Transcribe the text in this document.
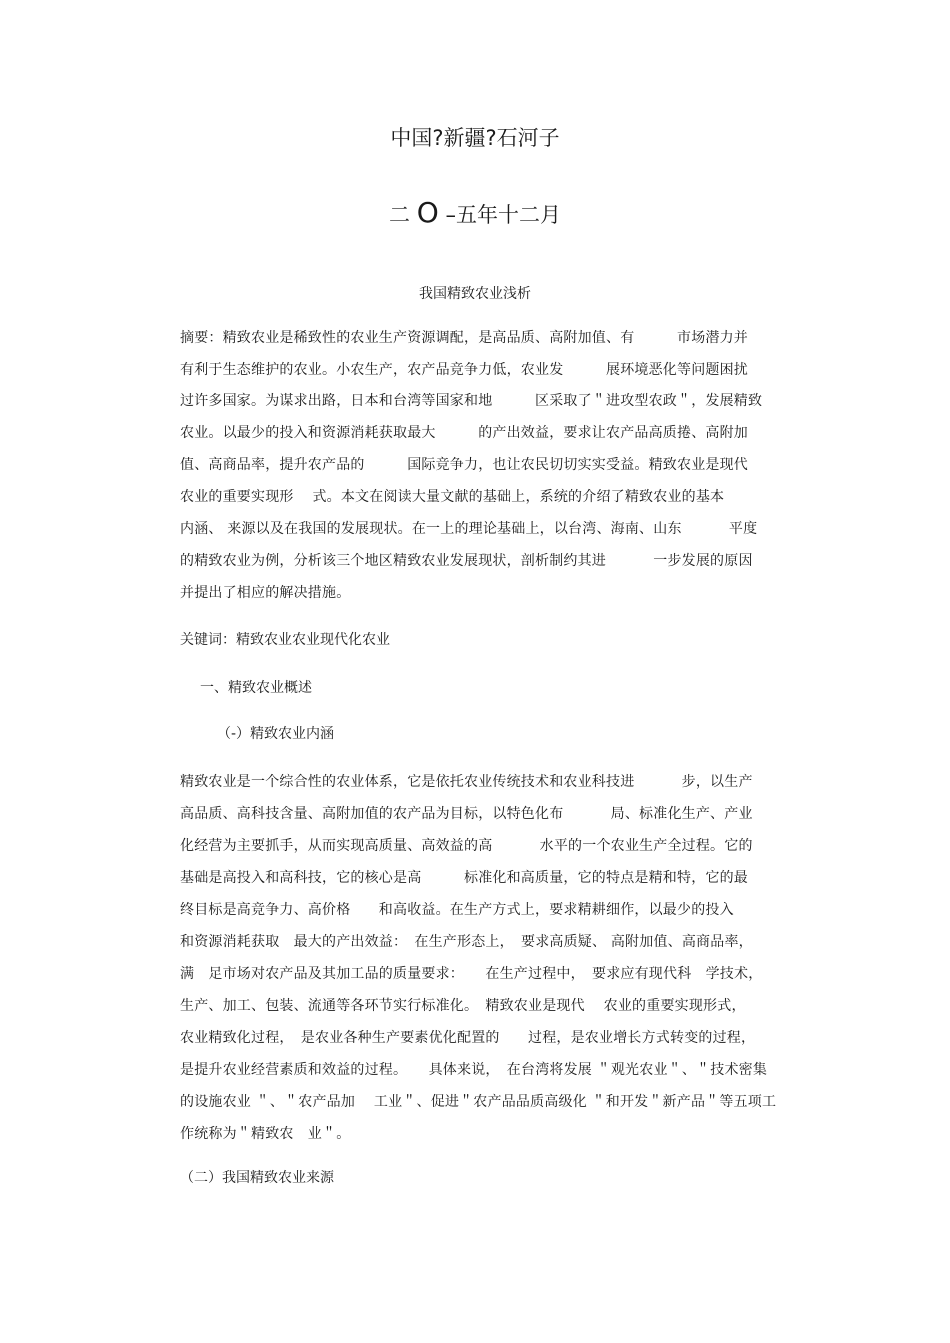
中国?新疆?石河子
二 O –五年十二月
我国精致农业浅析
摘要：精致农业是稀致性的农业生产资源调配，是高品质、高附加值、有　　　市场潜力并
有利于生态维护的农业。小农生产，农产品竞争力低，农业发　　　展环境恶化等问题困扰
过许多国家。为谋求出路，日本和台湾等国家和地　　　区采取了＂进攻型农政＂，发展精致
农业。以最少的投入和资源消耗获取最大　　　的产出效益，要求让农产品高质捲、高附加
值、高商品率，提升农产品的　　　国际竞争力，也让农民切切实实受益。精致农业是现代
农业的重要实现形　 式。本文在阅读大量文献的基础上，系统的介绍了精致农业的基本
内涵、 来源以及在我国的发展现状。在一上的理论基础上，以台湾、海南、山东　　　 平度
的精致农业为例，分析该三个地区精致农业发展现状，剖析制约其进　　　 一步发展的原因
并提出了相应的解决措施。
关键词：精致农业农业现代化农业
一、精致农业概述
（-）精致农业内涵
精致农业是一个综合性的农业体系，它是依托农业传统技术和农业科技进　　　 步，以生产
高品质、高科技含量、高附加值的农产品为目标，以特色化布　　　 局、标准化生产、产业
化经营为主要抓手，从而实现高质量、高效益的高　　　 水平的一个农业生产全过程。它的
基础是高投入和高科技，它的核心是高　　　标准化和高质量，它的特点是精和特，它的最
终目标是高竞争力、高价格　　和高收益。在生产方式上，要求精耕细作，以最少的投入
和资源消耗获取　最大的产出效益：　在生产形态上，　要求高质疑、 高附加值、高商品率，
满　足市场对农产品及其加工品的质量要求：　　在生产过程中，　要求应有现代科　学技术，
生产、加工、包装、流通等各环节实行标准化。　精致农业是现代　 农业的重要实现形式，
农业精致化过程，　是农业各种生产要素优化配置的　　过程，是农业增长方式转变的过程，
是提升农业经营素质和效益的过程。　　具体来说，　在台湾将发展 ＂观光农业＂、＂技术密集
的设施农业 ＂、＂农产品加　 工业＂、促进＂农产品品质高级化 ＂和开发＂新产品＂等五项工
作统称为＂精致农　业＂。
（二）我国精致农业来源
